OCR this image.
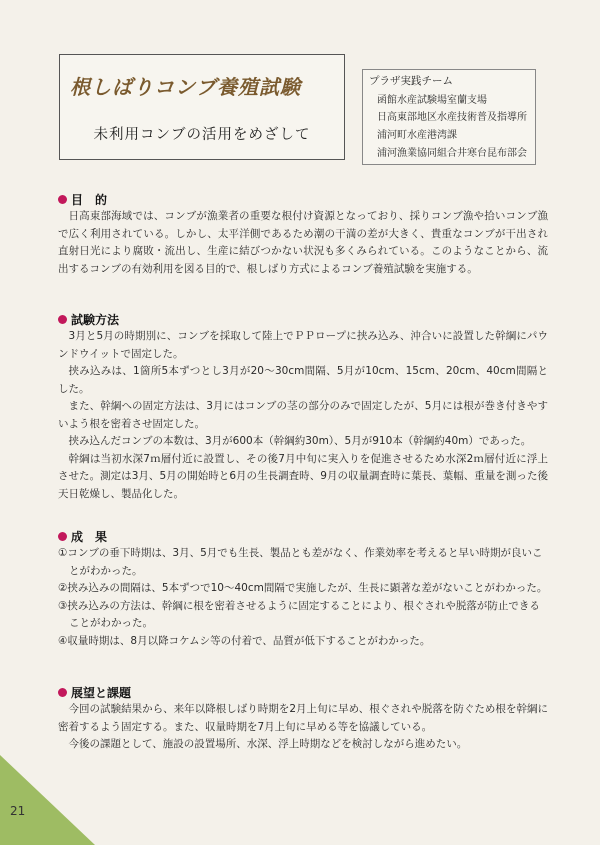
根しばりコンブ養殖試験
未利用コンブの活用をめざして
プラザ実践チーム
函館水産試験場室蘭支場
日高東部地区水産技術普及指導所
浦河町水産港湾課
浦河漁業協同組合井寒台昆布部会
目　的

日高東部海域では、コンブが漁業者の重要な根付け資源となっており、採りコンブ漁や拾いコンブ漁で広く利用されている。しかし、太平洋側であるため潮の干満の差が大きく、貴重なコンブが干出され直射日光により腐敗・流出し、生産に結びつかない状況も多くみられている。このようなことから、流出するコンブの有効利用を図る目的で、根しばり方式によるコンブ養殖試験を実施する。

試験方法

3月と5月の時期別に、コンブを採取して陸上でＰＰロープに挟み込み、沖合いに設置した幹綱にパウンドウイットで固定した。

挟み込みは、1箇所5本ずつとし3月が20～30cm間隔、5月が10cm、15cm、20cm、40cm間隔とした。

また、幹綱への固定方法は、3月にはコンブの茎の部分のみで固定したが、5月には根が巻き付きやすいよう根を密着させ固定した。

挟み込んだコンブの本数は、3月が600本（幹綱約30m）、5月が910本（幹綱約40m）であった。

幹綱は当初水深7ｍ層付近に設置し、その後7月中旬に実入りを促進させるため水深2ｍ層付近に浮上させた。測定は3月、5月の開始時と6月の生長調査時、9月の収量調査時に葉長、葉幅、重量を測った後天日乾燥し、製品化した。

成　果

①コンブの垂下時期は、3月、5月でも生長、製品とも差がなく、作業効率を考えると早い時期が良いことがわかった。

②挟み込みの間隔は、5本ずつで10～40cm間隔で実施したが、生長に顕著な差がないことがわかった。

③挟み込みの方法は、幹綱に根を密着させるように固定することにより、根ぐされや脱落が防止できることがわかった。

④収量時期は、8月以降コケムシ等の付着で、品質が低下することがわかった。

展望と課題

今回の試験結果から、来年以降根しばり時期を2月上旬に早め、根ぐされや脱落を防ぐため根を幹綱に密着するよう固定する。また、収量時期を7月上旬に早める等を協議している。

今後の課題として、施設の設置場所、水深、浮上時期などを検討しながら進めたい。

21
